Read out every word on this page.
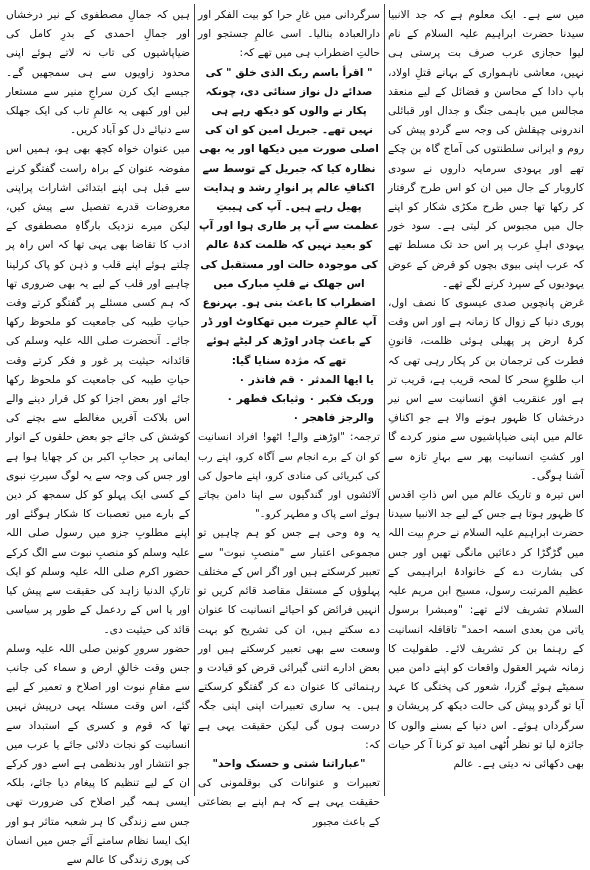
میں سے ہے۔ ایک معلوم ہے کہ جد الانبیا سیدنا حضرت ابراہیم علیہ السلام کے نام لیوا حجازی عرب صرف بت پرستی ہی نہیں، معاشی ناہمواری کے بہانے قتلِ اولاد، باپ دادا کے محاسن و فضائل کے لیے منعقد مجالس میں باہمی جنگ و جدال اور قبائلی اندرونی چپقلش کی وجہ سے گردو پیش کی روم و ایرانی سلطنتوں کی آماج گاہ بن چکے تھے اور یہودی سرمایہ داروں نے سودی کاروبار کے جال میں ان کو اس طرح گرفتار کر رکھا تھا جس طرح مکڑی شکار کو اپنے جال میں مجبوس کر لیتی ہے۔ سود خور یہودی اہلِ عرب پر اس حد تک مسلط تھے کہ عرب اپنی بیوی بچوں کو قرض کے عوض یہودیوں کے سپرد کرنے لگے تھے۔

غرض پانچویں صدی عیسوی کا نصف اول، پوری دنیا کے زوال کا زمانہ ہے اور اس وقت کرۂ ارض پر پھیلی ہوئی ظلمت، قانونِ فطرت کی ترجمان بن کر پکار رہی تھی کہ اب طلوعِ سحر کا لمحہ قریب ہے، قریب تر ہے اور عنقریب افقِ انسانیت سے اس نیر درخشاں کا ظہور ہونے والا ہے جو اکنافِ عالم میں اپنی ضیاپاشیوں سے منور کردے گا اور کشتِ انسانیت پھر سے بہارِ تازہ سے آشنا ہوگی۔

اس تیرہ و تاریک عالم میں اس ذاتِ اقدس کا ظہور ہوتا ہے جس کے لیے جد الانبیا سیدنا حضرت ابراہیم علیہ السلام نے حرمِ بیت اللہ میں گڑگڑا کر دعائیں مانگی تھیں اور جس کی بشارت دے کے خانوادۂ ابراہیمی کے عظیم المرتبت رسول، مسیح ابن مریم علیہ السلام تشریف لائے تھے: "ومبشرا برسول یاتی من بعدی اسمہ احمد" تاقافلہ انسانیت کے رہنما بن کر تشریف لائے۔ طفولیت کا زمانہ شہر العقول واقعات کو اپنے دامن میں سمیٹے ہوئے گزرا، شعور کی پختگی کا عہد آیا تو گردو پیش کی حالت دیکھ کر پریشان و سرگرداں ہوئے۔ اس دنیا کے بسنے والوں کا جائزہ لیا تو نظر اُٹھی امید تو کرنا آ کر حیات بھی دکھائی نہ دیتی ہے۔ عالم

سرگردانی میں غارِ حرا کو بیت الفکر اور دارالعبادہ بنالیا۔ اسی عالمِ جستجو اور حالتِ اضطراب ہی میں تھے کہ:

" اقرأ باسم ربک الذی خلق " کی صدائے دل نواز سنائی دی، چونکہ پکار نے والوں کو دیکھ رہے ہی نہیں تھے۔ جبریل امین کو ان کی اصلی صورت میں دیکھا اور یہ بھی نظارہ کیا کہ جبریل کے توسط سے اکنافِ عالم پر انوارِ رشد و ہدایت پھیل رہے ہیں۔ آپ کی ہیبتِ عظمت سے آپ پر طاری ہوا اور آپ کو بعید نہیں کہ ظلمت کدۂ عالم کی موجودہ حالت اور مستقبل کی اس جھلک نے قلبِ مبارک میں اضطراب کا باعث بنی ہو۔ بہرنوع آپ عالمِ حیرت میں تھکاوٹ اور ڈر کے باعث چادر اوڑھ کر لیٹے ہوئے تھے کہ مژدہ سنایا گیا:

یا ایھا المدثر ۰ قم فانذر ۰

وربک فکبر ۰ وثیابک فطھر ۰

والرجز فاھجر ۰

ترجمہ: "اوڑھنے والے! اٹھو! افراد انسانیت کو ان کے برے انجام سے آگاہ کرو، اپنے رب کی کبریائی کی منادی کرو، اپنے ماحول کی آلائشوں اور گندگیوں سے اپنا دامن بچاتے ہوئے اسے پاک و مطہر کرو۔"

یہ وہ وحی ہے جس کو ہم چاہیں تو مجموعی اعتبار سے "منصبِ نبوت" سے تعبیر کرسکتے ہیں اور اگر اس کے مختلف پہلوؤں کے مستقل مقاصد قائم کریں تو انہیں فرائض کو احیائے انسانیت کا عنوان دے سکتے ہیں، ان کی تشریح کو بہت وسعت سے بھی تعبیر کرسکتے ہیں اور بعض ادارے اتنی گیرائی قرض کو قیادت و رہنمائی کا عنوان دے کر گفتگو کرسکتے ہیں۔ یہ ساری تعبیرات اپنی اپنی جگہ درست ہوں گی لیکن حقیقت یہی ہے کہ:

"عباراتنا شتی و حسنک واحد"

تعبیرات و عنوانات کی بوقلمونی کی حقیقت یہی ہے کہ ہم اپنے بے بضاعتی کے باعث مجبور

ہیں کہ جمالِ مصطفوی کے نیر درخشاں اور جمالِ احمدی کے بدرِ کامل کی ضیاپاشیوں کی تاب نہ لاتے ہوئے اپنی محدود زاویوں سے ہی سمجھیں گے۔ جیسے ایک کرن سراجِ منیر سے مستعار لیں اور کبھی یہ عالمِ تاب کی ایک جھلک سے دنیائے دل کو آباد کریں۔

میں عنوان خواہ کچھ بھی ہو، ہمیں اس مفوضہ عنوان کے براہ راست گفتگو کرنے سے قبل ہی اپنے ابتدائی اشارات پراپنی معروضات قدرے تفصیل سے پیش کیں، لیکن میرے نزدیک بارگاہِ مصطفوی کے ادب کا تقاضا بھی یہی تھا کہ اس راہ پر چلتے ہوئے اپنے قلب و ذہن کو پاک کرلینا چاہیے اور قلب کے لیے یہ بھی ضروری تھا کہ ہم کسی مسئلے پر گفتگو کرتے وقت حیاتِ طیبہ کی جامعیت کو ملحوظ رکھا جائے۔ آنحضرت صلی اللہ علیہ وسلم کی قائدانہ حیثیت پر غور و فکر کرتے وقت حیاتِ طیبہ کی جامعیت کو ملحوظ رکھا جائے اور بعض اجزا کو کل قرار دینے والے اس بلاکت آفریں مغالطے سے بچنے کی کوشش کی جائے جو بعض حلقوں کے انوار ایمانی پر حجابِ اکبر بن کر چھایا ہوا ہے اور جس کی وجہ سے یہ لوگ سیرتِ نبوی کے کسی ایک پہلو کو کل سمجھ کر دین کے بارے میں تعصبات کا شکار ہوگئے اور اپنے مطلوبِ جزو میں رسول صلی اللہ علیہ وسلم کو منصبِ نبوت سے الگ کرکے حضور اکرم صلی اللہ علیہ وسلم کو ایک تارکِ الدنیا زاہد کی حقیقت سے پیش کیا اور یا اس کے ردعمل کے طور پر سیاسی قائد کی حیثیت دی۔

حضور سرورِ کونین صلی اللہ علیہ وسلم جس وقت خالقِ ارض و سماء کی جانب سے مقامِ نبوت اور اصلاح و تعمیر کے لیے گئے، اس وقت مسئلہ یہی درپیش نہیں تھا کہ قوم و کسری کے استبداد سے انسانیت کو نجات دلائی جائے یا عرب میں جو انتشار اور بدنظمی ہے اسے دور کرکے ان کے لیے تنظیم کا پیغام دیا جائے، بلکہ ایسی ہمہ گیر اصلاح کی ضرورت تھی جس سے زندگی کا ہر شعبہ متاثر ہو اور ایک ایسا نظام سامنے آئے جس میں انسان کی پوری زندگی کا عالم سے
